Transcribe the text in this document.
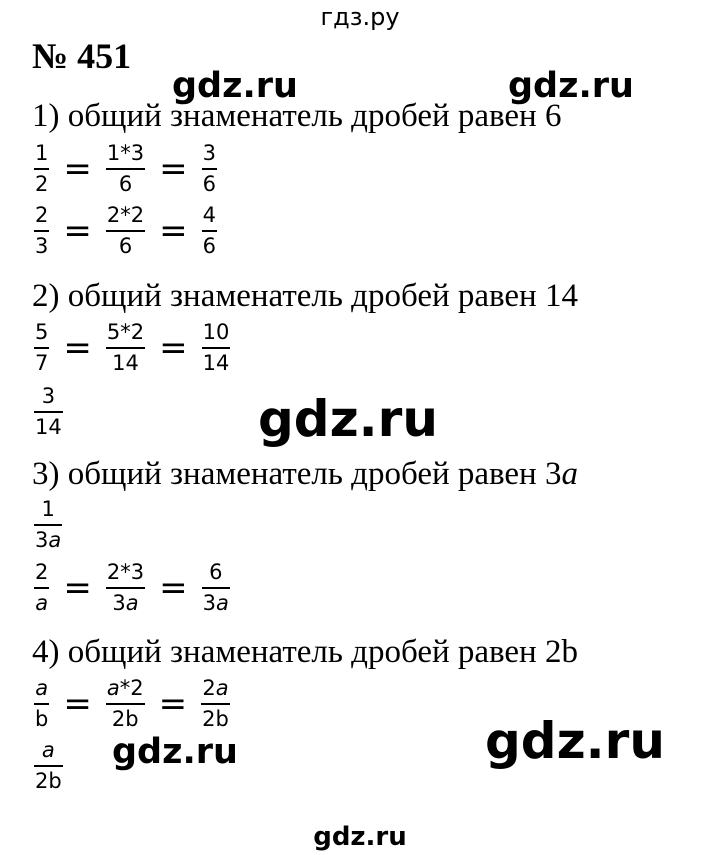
гдз.ру
№ 451
gdz.ru	gdz.ru
gdz.ru
gdz.ru
gdz.ru
1) общий знаменатель дробей равен 6
$\frac{1}{2} = \frac{1*3}{6} = \frac{3}{6}$
$\frac{2}{3} = \frac{2*2}{6} = \frac{4}{6}$
2) общий знаменатель дробей равен 14
$\frac{5}{7} = \frac{5*2}{14} = \frac{10}{14}$
$\frac{3}{14}$
3) общий знаменатель дробей равен 3a
$\frac{1}{3a}$
$\frac{2}{a} = \frac{2*3}{3a} = \frac{6}{3a}$
4) общий знаменатель дробей равен 2b
$\frac{a}{b} = \frac{a*2}{2b} = \frac{2a}{2b}$
$\frac{a}{2b}$
gdz.ru
